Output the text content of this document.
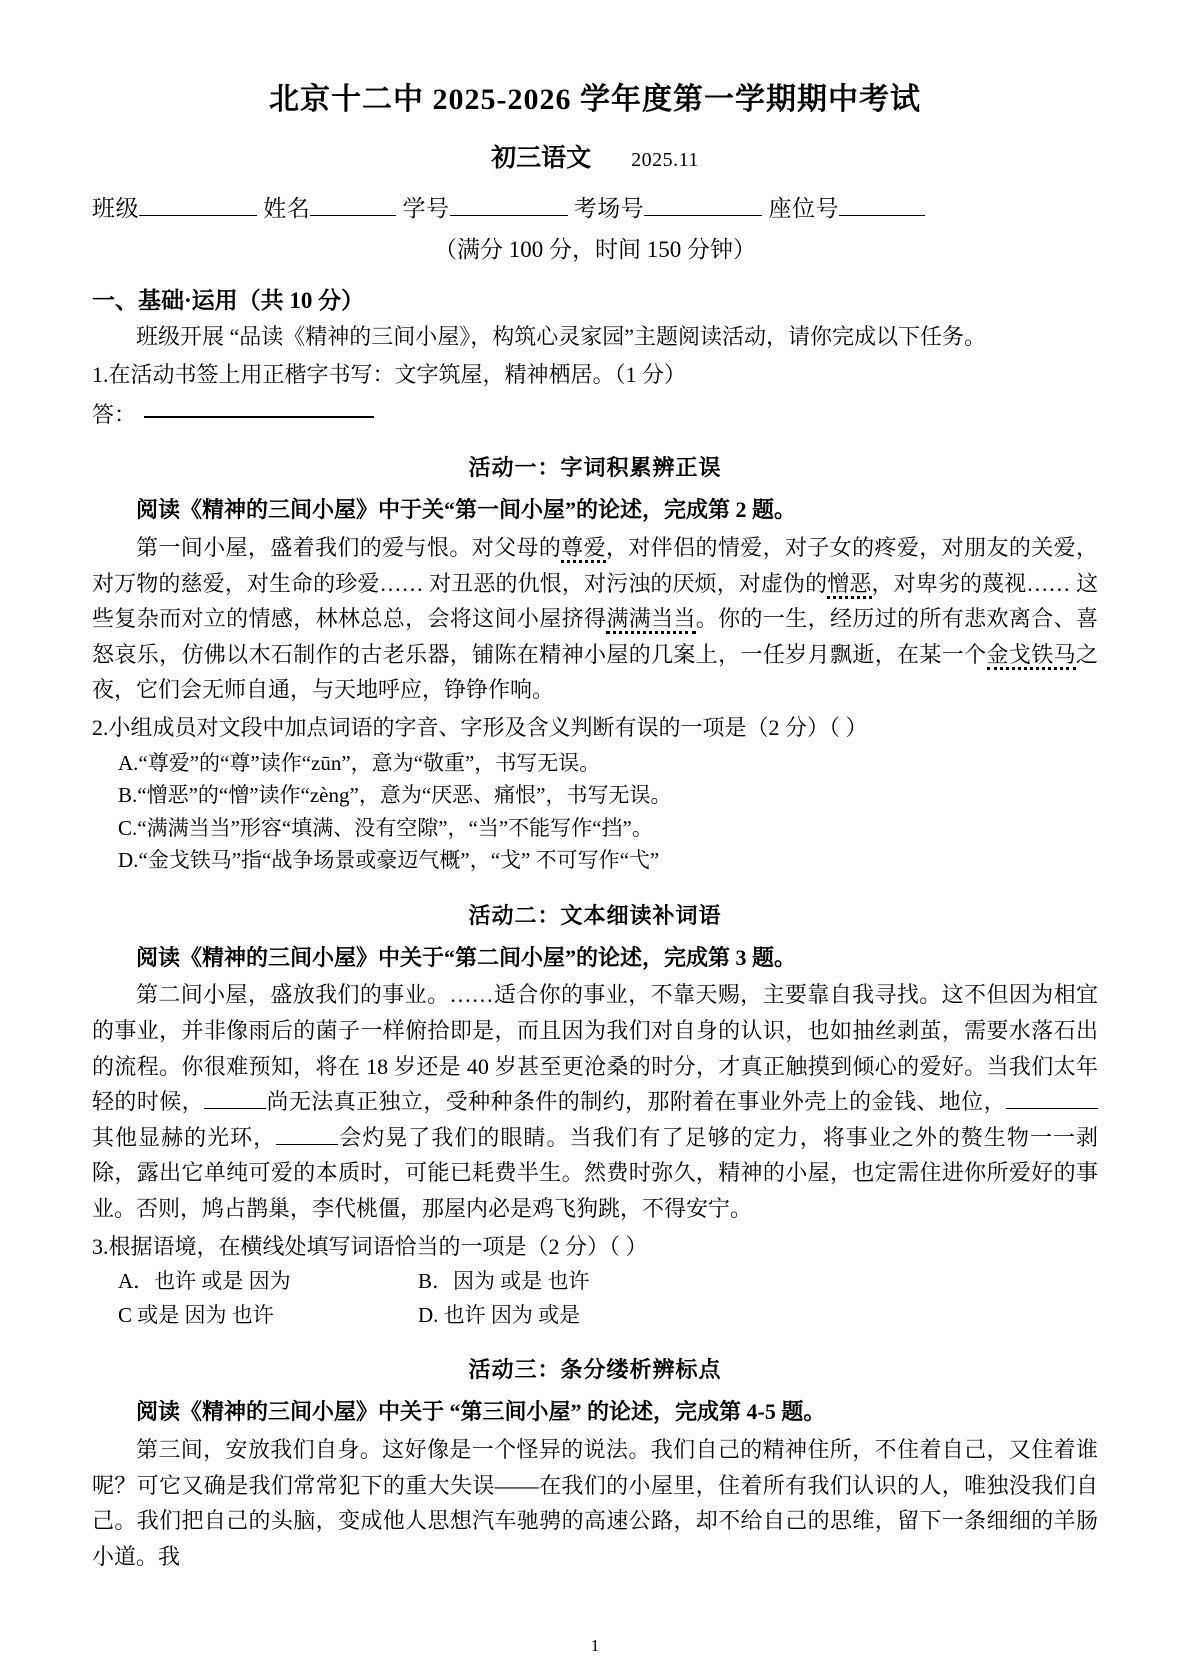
北京十二中 2025-2026 学年度第一学期期中考试
初三语文 2025.11
班级	姓名	学号	考场号	座位号
（满分 100 分，时间 150 分钟）
一、基础·运用（共 10 分）
班级开展 “品读《精神的三间小屋》，构筑心灵家园”主题阅读活动，请你完成以下任务。
1.在活动书签上用正楷字书写：文字筑屋，精神栖居。（1 分）
答：
活动一：字词积累辨正误
阅读《精神的三间小屋》中于关“第一间小屋”的论述，完成第 2 题。
第一间小屋，盛着我们的爱与恨。对父母的尊爱，对伴侣的情爱，对子女的疼爱，对朋友的关爱，对万物的慈爱，对生命的珍爱…… 对丑恶的仇恨，对污浊的厌烦，对虚伪的憎恶，对卑劣的蔑视…… 这些复杂而对立的情感，林林总总，会将这间小屋挤得满满当当。你的一生，经历过的所有悲欢离合、喜怒哀乐，仿佛以木石制作的古老乐器，铺陈在精神小屋的几案上，一任岁月飘逝，在某一个金戈铁马之夜，它们会无师自通，与天地呼应，铮铮作响。
2.小组成员对文段中加点词语的字音、字形及含义判断有误的一项是（2 分）（ ）
A.“尊爱”的“尊”读作“zūn”，意为“敬重”，书写无误。
B.“憎恶”的“憎”读作“zèng”，意为“厌恶、痛恨”，书写无误。
C.“满满当当”形容“填满、没有空隙”，“当”不能写作“挡”。
D.“金戈铁马”指“战争场景或豪迈气概”，“戈” 不可写作“弋”
活动二：文本细读补词语
阅读《精神的三间小屋》中关于“第二间小屋”的论述，完成第 3 题。
第二间小屋，盛放我们的事业。……适合你的事业，不靠天赐，主要靠自我寻找。这不但因为相宜的事业，并非像雨后的菌子一样俯拾即是，而且因为我们对自身的认识，也如抽丝剥茧，需要水落石出的流程。你很难预知，将在 18 岁还是 40 岁甚至更沧桑的时分，才真正触摸到倾心的爱好。当我们太年轻的时候，	尚无法真正独立，受种种条件的制约，那附着在事业外壳上的金钱、地位，其他显赫的光环，	会灼晃了我们的眼睛。当我们有了足够的定力，将事业之外的赘生物一一剥除，露出它单纯可爱的本质时，可能已耗费半生。然费时弥久，精神的小屋，也定需住进你所爱好的事业。否则，鸠占鹊巢，李代桃僵，那屋内必是鸡飞狗跳，不得安宁。
3.根据语境，在横线处填写词语恰当的一项是（2 分）（ ）
A．也许 或是 因为	B．因为 或是 也许
C 或是 因为 也许	D. 也许 因为 或是
活动三：条分缕析辨标点
阅读《精神的三间小屋》中关于 “第三间小屋” 的论述，完成第 4-5 题。
第三间，安放我们自身。这好像是一个怪异的说法。我们自己的精神住所，不住着自己，又住着谁呢？可它又确是我们常常犯下的重大失误——在我们的小屋里，住着所有我们认识的人，唯独没我们自己。我们把自己的头脑，变成他人思想汽车驰骋的高速公路，却不给自己的思维，留下一条细细的羊肠小道。我
1
